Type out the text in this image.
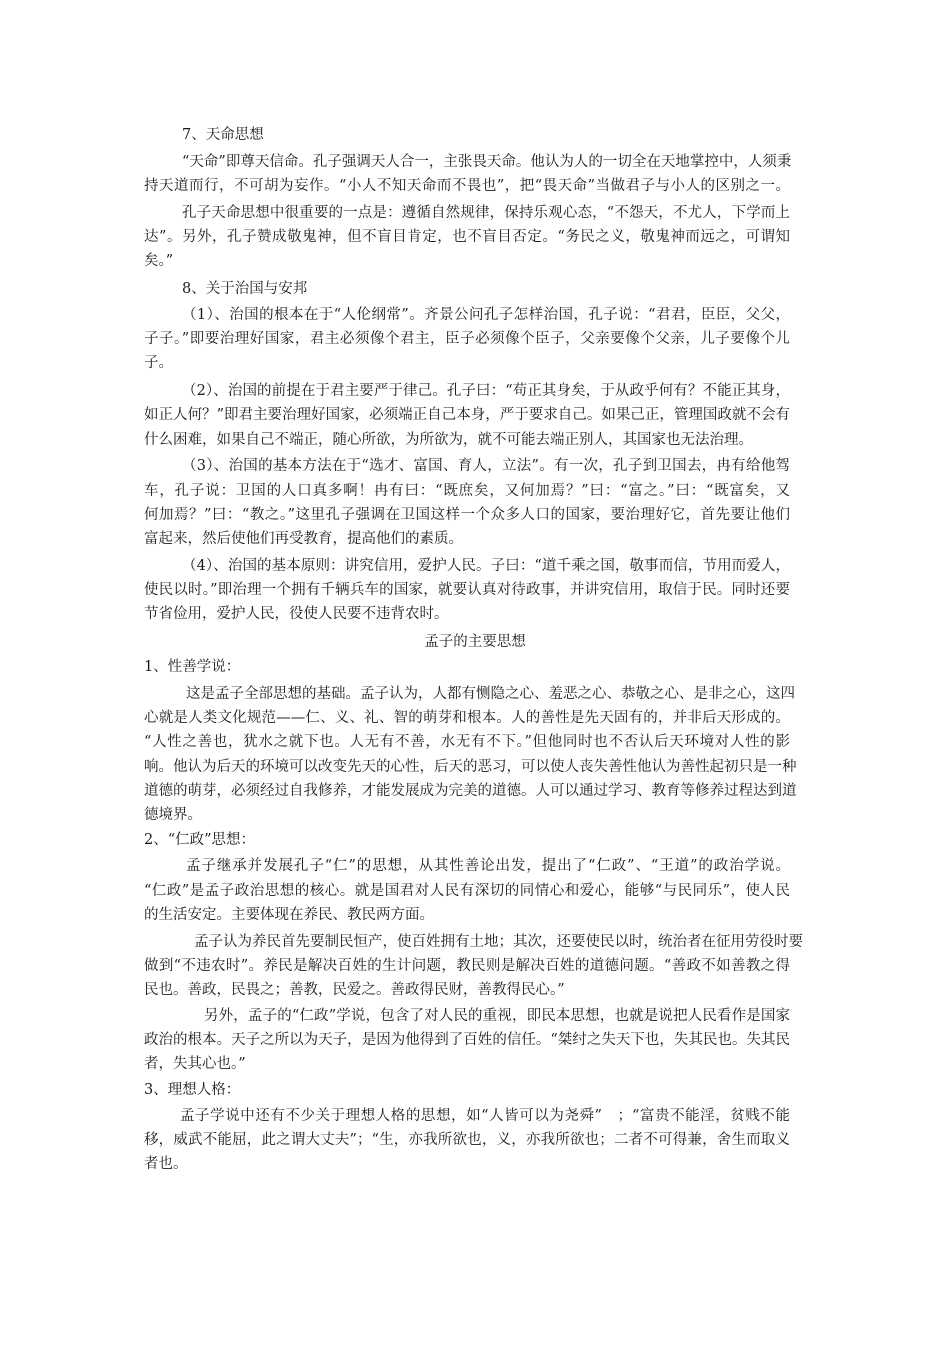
7、天命思想
“天命”即尊天信命。孔子强调天人合一，主张畏天命。他认为人的一切全在天地掌控中，人须秉
持天道而行，不可胡为妄作。“小人不知天命而不畏也”，把“畏天命”当做君子与小人的区别之一。
孔子天命思想中很重要的一点是：遵循自然规律，保持乐观心态，“不怨天，不尤人，下学而上
达”。另外，孔子赞成敬鬼神，但不盲目肯定，也不盲目否定。“务民之义，敬鬼神而远之，可谓知
矣。”
8、关于治国与安邦
（1）、治国的根本在于“人伦纲常”。齐景公问孔子怎样治国，孔子说：“君君，臣臣，父父，
子子。”即要治理好国家，君主必须像个君主，臣子必须像个臣子，父亲要像个父亲，儿子要像个儿
子。
（2）、治国的前提在于君主要严于律己。孔子曰：“苟正其身矣，于从政乎何有？不能正其身，
如正人何？”即君主要治理好国家，必须端正自己本身，严于要求自己。如果己正，管理国政就不会有
什么困难，如果自己不端正，随心所欲，为所欲为，就不可能去端正别人，其国家也无法治理。
（3）、治国的基本方法在于“选才、富国、育人，立法”。有一次，孔子到卫国去，冉有给他驾
车，孔子说：卫国的人口真多啊！冉有曰：“既庶矣，又何加焉？”曰：“富之。”曰：“既富矣，又
何加焉？”曰：“教之。”这里孔子强调在卫国这样一个众多人口的国家，要治理好它，首先要让他们
富起来，然后使他们再受教育，提高他们的素质。
（4）、治国的基本原则：讲究信用，爱护人民。子曰：“道千乘之国，敬事而信，节用而爱人，
使民以时。”即治理一个拥有千辆兵车的国家，就要认真对待政事，并讲究信用，取信于民。同时还要
节省俭用，爱护人民，役使人民要不违背农时。
孟子的主要思想
1、性善学说：
这是孟子全部思想的基础。孟子认为，人都有恻隐之心、羞恶之心、恭敬之心、是非之心，这四
心就是人类文化规范——仁、义、礼、智的萌芽和根本。人的善性是先天固有的，并非后天形成的。
“人性之善也，犹水之就下也。人无有不善，水无有不下。”但他同时也不否认后天环境对人性的影
响。他认为后天的环境可以改变先天的心性，后天的恶习，可以使人丧失善性他认为善性起初只是一种
道德的萌芽，必须经过自我修养，才能发展成为完美的道德。人可以通过学习、教育等修养过程达到道
德境界。
2、“仁政”思想：
孟子继承并发展孔子“仁”的思想，从其性善论出发，提出了“仁政”、“王道”的政治学说。
“仁政”是孟子政治思想的核心。就是国君对人民有深切的同情心和爱心，能够“与民同乐”，使人民
的生活安定。主要体现在养民、教民两方面。
孟子认为养民首先要制民恒产，使百姓拥有土地；其次，还要使民以时，统治者在征用劳役时要
做到“不违农时”。养民是解决百姓的生计问题，教民则是解决百姓的道德问题。“善政不如善教之得
民也。善政，民畏之；善教，民爱之。善政得民财，善教得民心。”
另外，孟子的“仁政”学说，包含了对人民的重视，即民本思想，也就是说把人民看作是国家
政治的根本。天子之所以为天子，是因为他得到了百姓的信任。“桀纣之失天下也，失其民也。失其民
者，失其心也。”
3、理想人格：
孟子学说中还有不少关于理想人格的思想，如“人皆可以为尧舜”　；“富贵不能淫，贫贱不能
移，威武不能屈，此之谓大丈夫”；“生，亦我所欲也，义，亦我所欲也；二者不可得兼，舍生而取义
者也。
